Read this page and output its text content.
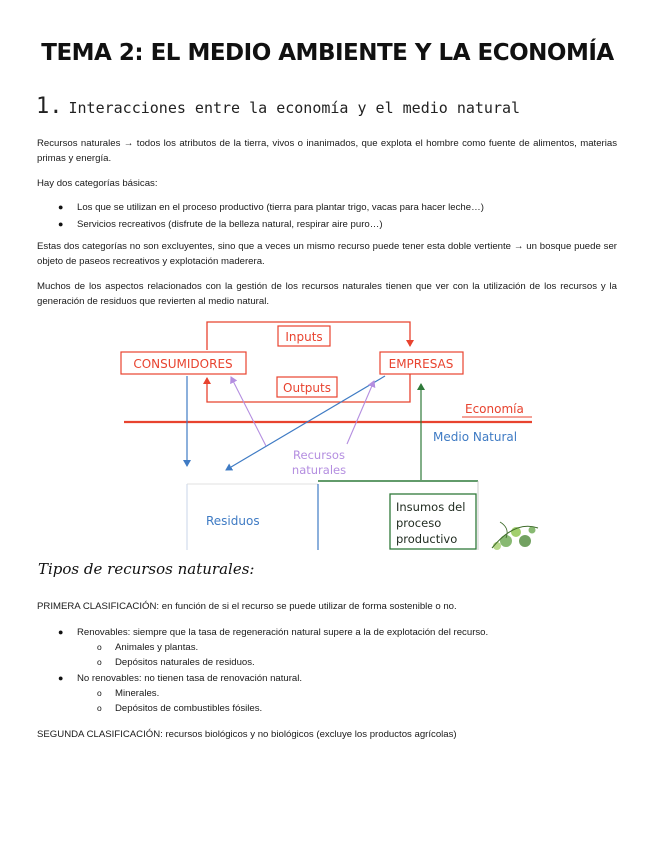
TEMA 2: EL MEDIO AMBIENTE Y LA ECONOMÍA
1. Interacciones entre la economía y el medio natural
Recursos naturales → todos los atributos de la tierra, vivos o inanimados, que explota el hombre como fuente de alimentos, materias primas y energía.
Hay dos categorías básicas:
● Los que se utilizan en el proceso productivo (tierra para plantar trigo, vacas para hacer leche…)
● Servicios recreativos (disfrute de la belleza natural, respirar aire puro…)
Estas dos categorías no son excluyentes, sino que a veces un mismo recurso puede tener esta doble vertiente → un bosque puede ser objeto de paseos recreativos y explotación maderera.
Muchos de los aspectos relacionados con la gestión de los recursos naturales tienen que ver con la utilización de los recursos y la generación de residuos que revierten al medio natural.
Inputs
CONSUMIDORES	EMPRESAS
Outputs
Economía
Medio Natural
Recursos
naturales
Residuos
Insumos del
proceso
productivo
Tipos de recursos naturales:
PRIMERA CLASIFICACIÓN: en función de si el recurso se puede utilizar de forma sostenible o no.
● Renovables: siempre que la tasa de regeneración natural supere a la de explotación del recurso.
o Animales y plantas.
o Depósitos naturales de residuos.
● No renovables: no tienen tasa de renovación natural.
o Minerales.
o Depósitos de combustibles fósiles.
SEGUNDA CLASIFICACIÓN: recursos biológicos y no biológicos (excluye los productos agrícolas)
